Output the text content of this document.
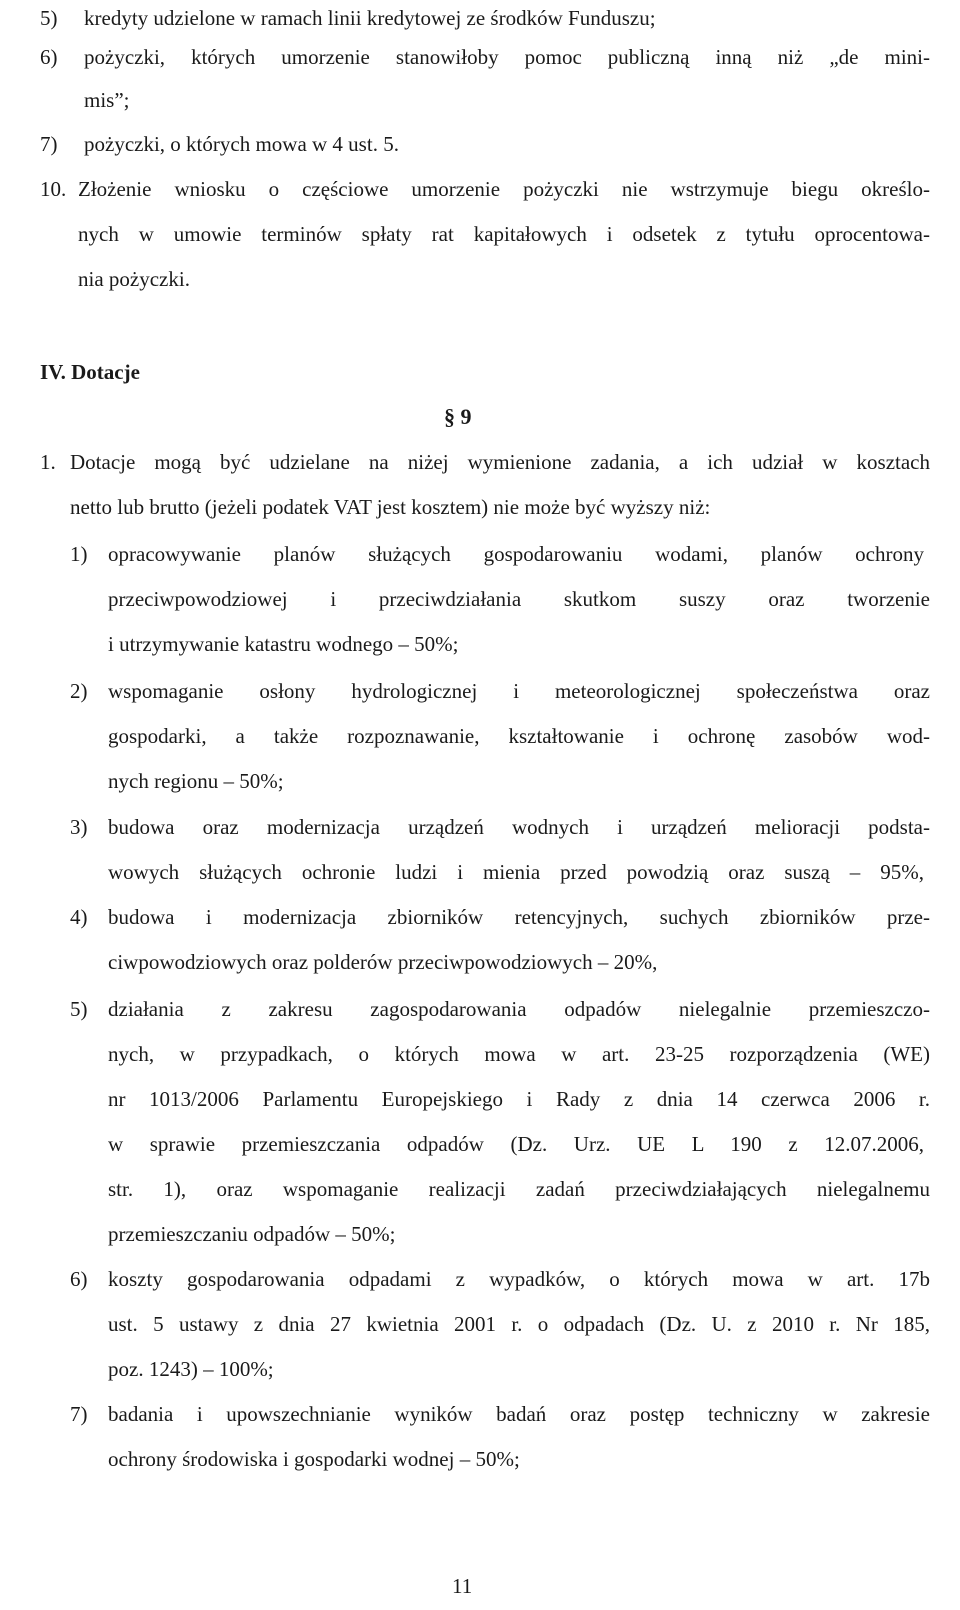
5) kredyty udzielone w ramach linii kredytowej ze środków Funduszu;
6) pożyczki, których umorzenie stanowiłoby pomoc publiczną inną niż „de mini-
mis”;
7) pożyczki, o których mowa w 4 ust. 5.
10. Złożenie wniosku o częściowe umorzenie pożyczki nie wstrzymuje biegu określo-
nych w umowie terminów spłaty rat kapitałowych i odsetek z tytułu oprocentowa-
nia pożyczki.
IV. Dotacje
§ 9
1. Dotacje mogą być udzielane na niżej wymienione zadania, a ich udział w kosztach
netto lub brutto (jeżeli podatek VAT jest kosztem) nie może być wyższy niż:
1) opracowywanie planów służących gospodarowaniu wodami, planów ochrony
przeciwpowodziowej i przeciwdziałania skutkom suszy oraz tworzenie
i utrzymywanie katastru wodnego – 50%;
2) wspomaganie osłony hydrologicznej i meteorologicznej społeczeństwa oraz
gospodarki, a także rozpoznawanie, kształtowanie i ochronę zasobów wod-
nych regionu – 50%;
3) budowa oraz modernizacja urządzeń wodnych i urządzeń melioracji podsta-
wowych służących ochronie ludzi i mienia przed powodzią oraz suszą – 95%,
4) budowa i modernizacja zbiorników retencyjnych, suchych zbiorników prze-
ciwpowodziowych oraz polderów przeciwpowodziowych – 20%,
5) działania z zakresu zagospodarowania odpadów nielegalnie przemieszczo-
nych, w przypadkach, o których mowa w art. 23-25 rozporządzenia (WE)
nr 1013/2006 Parlamentu Europejskiego i Rady z dnia 14 czerwca 2006 r.
w sprawie przemieszczania odpadów (Dz. Urz. UE L 190 z 12.07.2006,
str. 1), oraz wspomaganie realizacji zadań przeciwdziałających nielegalnemu
przemieszczaniu odpadów – 50%;
6) koszty gospodarowania odpadami z wypadków, o których mowa w art. 17b
ust. 5 ustawy z dnia 27 kwietnia 2001 r. o odpadach (Dz. U. z 2010 r. Nr 185,
poz. 1243) – 100%;
7) badania i upowszechnianie wyników badań oraz postęp techniczny w zakresie
ochrony środowiska i gospodarki wodnej – 50%;
11
